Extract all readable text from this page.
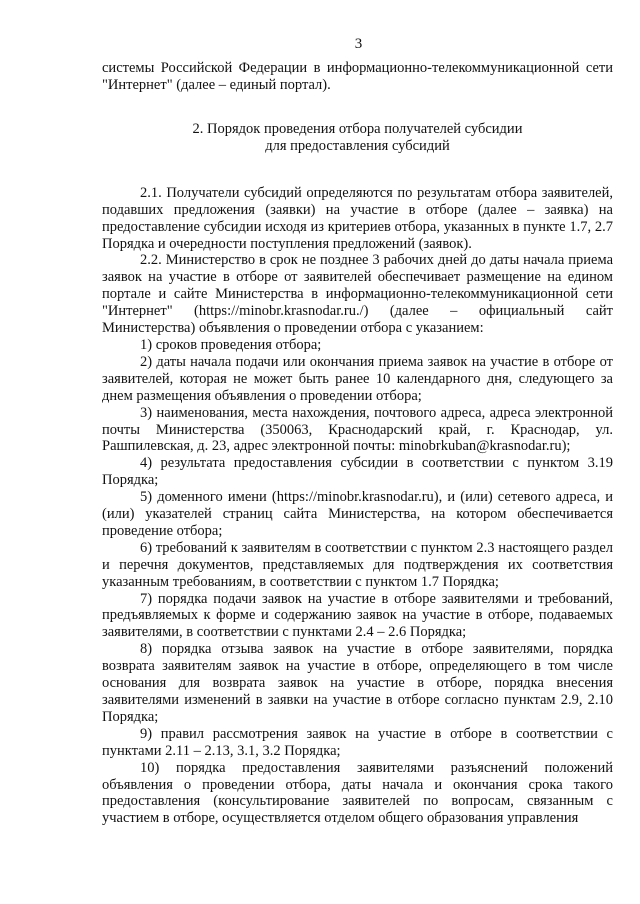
3

системы Российской Федерации в информационно-телекоммуникационной сети "Интернет" (далее – единый портал).

2. Порядок проведения отбора получателей субсидии
для предоставления субсидий

2.1. Получатели субсидий определяются по результатам отбора заявителей, подавших предложения (заявки) на участие в отборе (далее – заявка) на предоставление субсидии исходя из критериев отбора, указанных в пункте 1.7, 2.7 Порядка и очередности поступления предложений (заявок).

2.2. Министерство в срок не позднее 3 рабочих дней до даты начала приема заявок на участие в отборе от заявителей обеспечивает размещение на едином портале и сайте Министерства в информационно-телекоммуникационной сети "Интернет" (https://minobr.krasnodar.ru./) (далее – официальный сайт Министерства) объявления о проведении отбора с указанием:

1) сроков проведения отбора;

2) даты начала подачи или окончания приема заявок на участие в отборе от заявителей, которая не может быть ранее 10 календарного дня, следующего за днем размещения объявления о проведении отбора;

3) наименования, места нахождения, почтового адреса, адреса электронной почты Министерства (350063, Краснодарский край, г. Краснодар, ул. Рашпилевская, д. 23, адрес электронной почты: minobrkuban@krasnodar.ru);

4) результата предоставления субсидии в соответствии с пунктом 3.19 Порядка;

5) доменного имени (https://minobr.krasnodar.ru), и (или) сетевого адреса, и (или) указателей страниц сайта Министерства, на котором обеспечивается проведение отбора;

6) требований к заявителям в соответствии с пунктом 2.3 настоящего раздел и перечня документов, представляемых для подтверждения их соответствия указанным требованиям, в соответствии с пунктом 1.7 Порядка;

7) порядка подачи заявок на участие в отборе заявителями и требований, предъявляемых к форме и содержанию заявок на участие в отборе, подаваемых заявителями, в соответствии с пунктами 2.4 – 2.6 Порядка;

8) порядка отзыва заявок на участие в отборе заявителями, порядка возврата заявителям заявок на участие в отборе, определяющего в том числе основания для возврата заявок на участие в отборе, порядка внесения заявителями изменений в заявки на участие в отборе согласно пунктам 2.9, 2.10 Порядка;

9) правил рассмотрения заявок на участие в отборе в соответствии с пунктами 2.11 – 2.13, 3.1, 3.2 Порядка;

10) порядка предоставления заявителями разъяснений положений объявления о проведении отбора, даты начала и окончания срока такого предоставления (консультирование заявителей по вопросам, связанным с участием в отборе, осуществляется отделом общего образования управления
